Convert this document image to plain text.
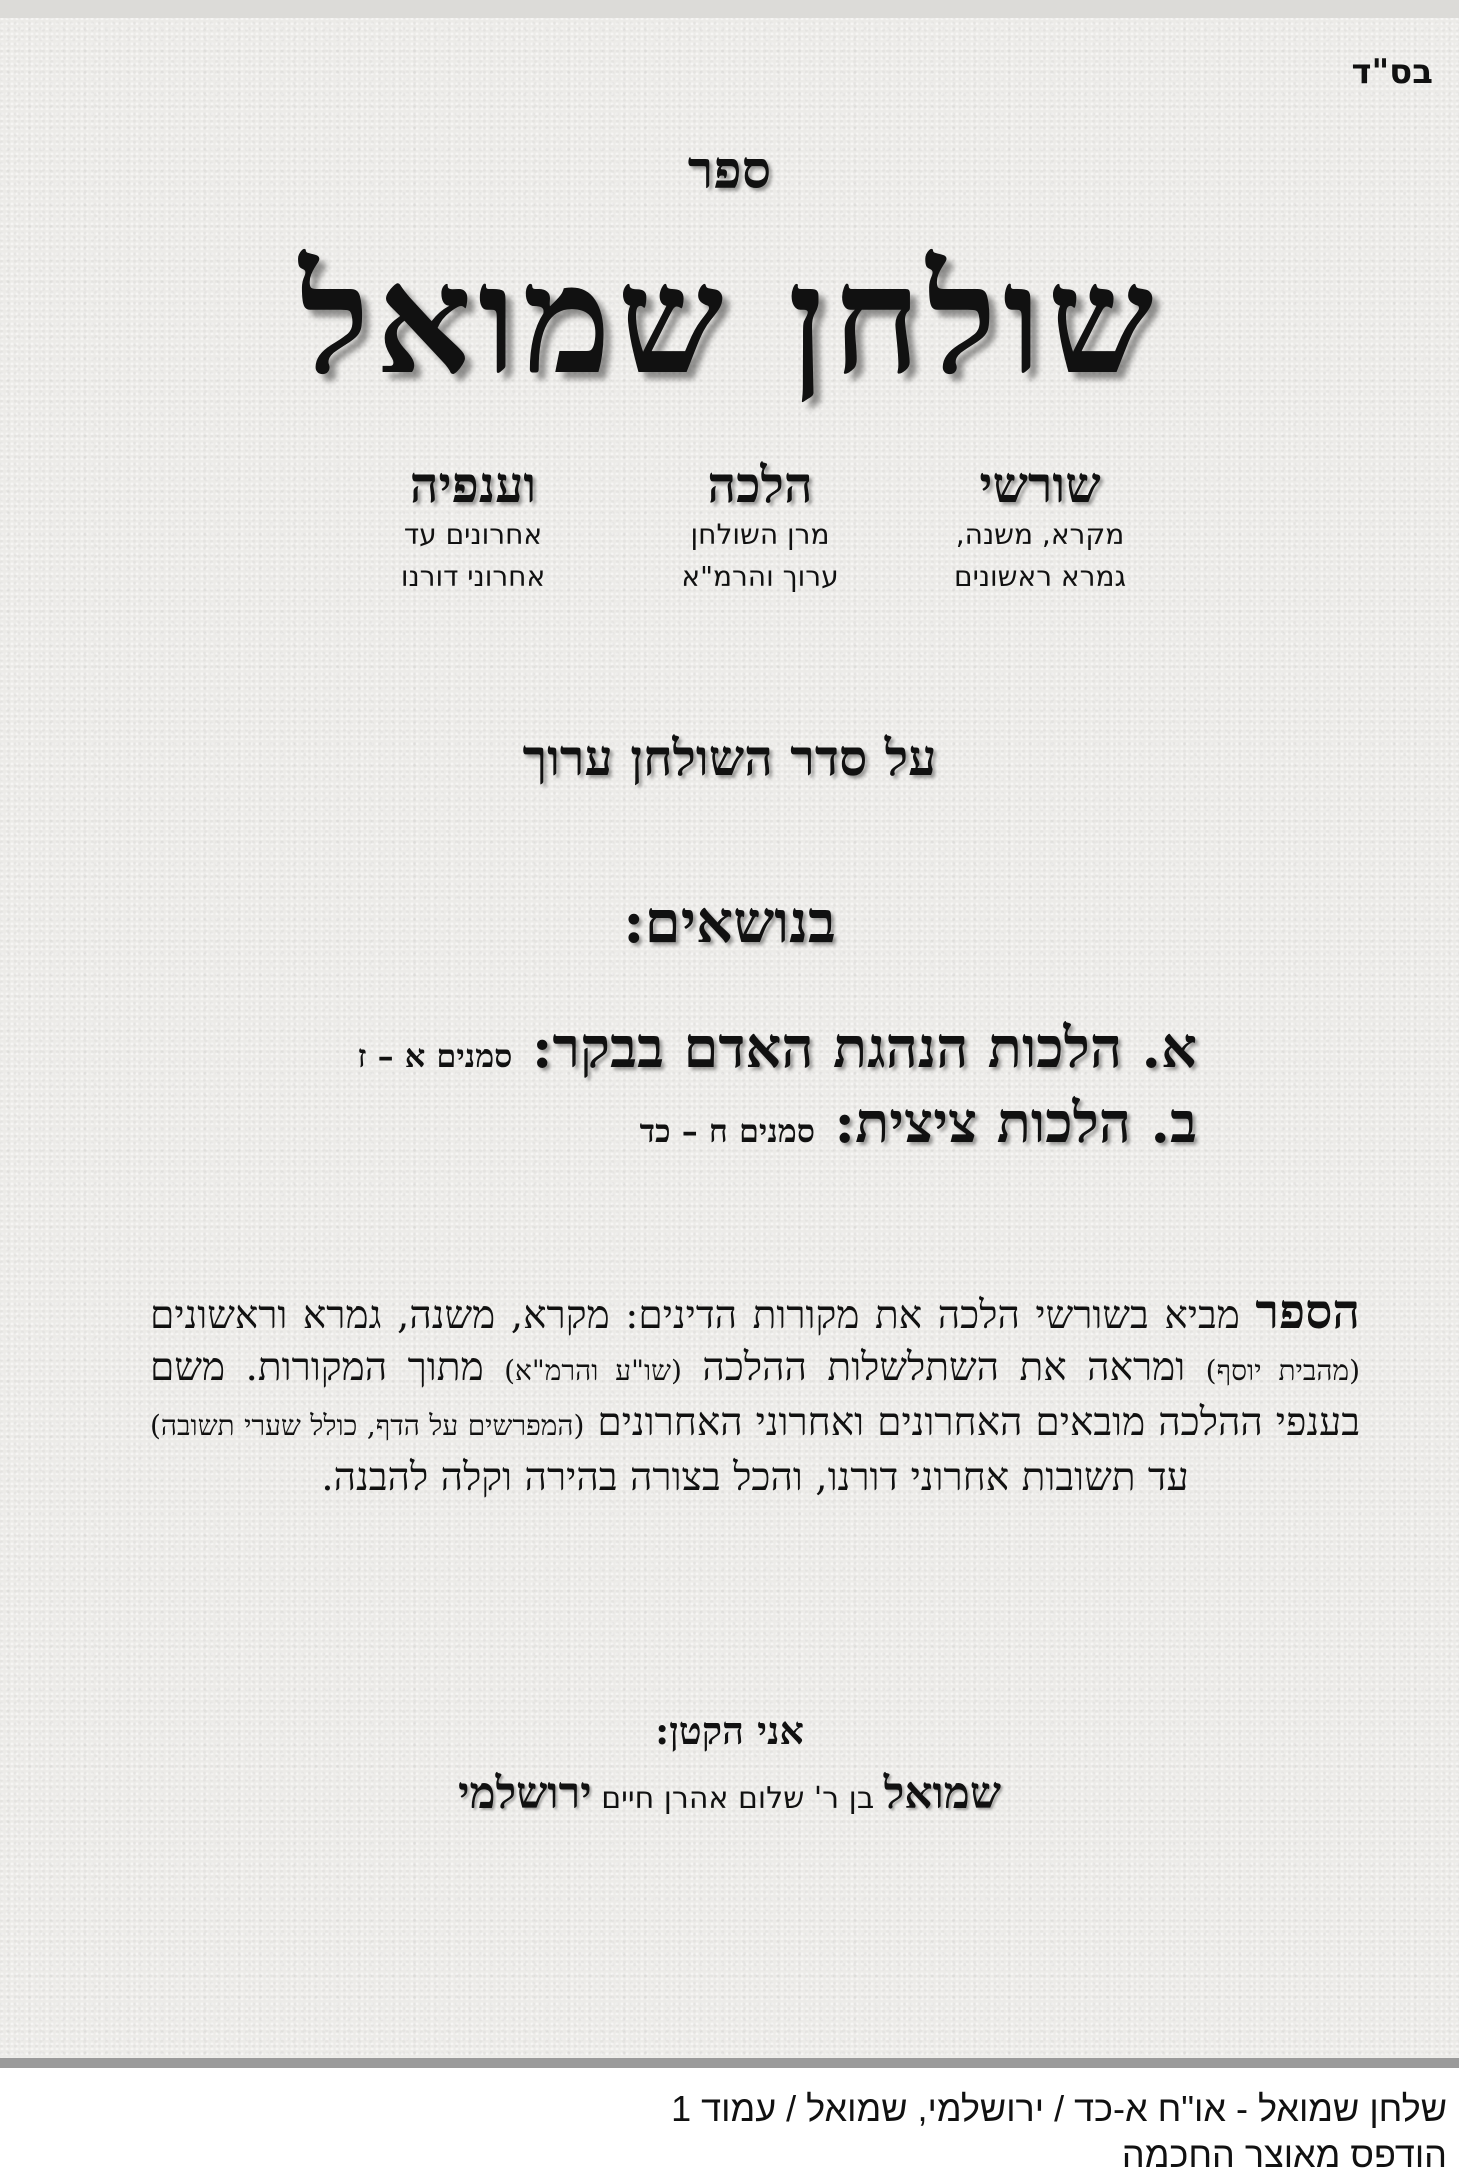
בס"ד
ספר
שולחן שמואל
שורשי
מקרא, משנה,
גמרא ראשונים
הלכה
מרן השולחן
ערוך והרמ"א
וענפיה
אחרונים עד
אחרוני דורנו
על סדר השולחן ערוך
בנושאים:
א. הלכות הנהגת האדם בבקר: סמנים א – ז
ב. הלכות ציצית: סמנים ח – כד
הספר מביא בשורשי הלכה את מקורות הדינים: מקרא, משנה, גמרא וראשונים (מהבית יוסף) ומראה את השתלשלות ההלכה (שו"ע והרמ"א) מתוך המקורות. משם בענפי ההלכה מובאים האחרונים ואחרוני האחרונים (המפרשים על הדף, כולל שערי תשובה) עד תשובות אחרוני דורנו, והכל בצורה בהירה וקלה להבנה.
אני הקטן:
שמואל בן ר' שלום אהרן חיים ירושלמי
שלחן שמואל - או"ח א-כד / ירושלמי, שמואל / עמוד 1
הודפס מאוצר החכמה
